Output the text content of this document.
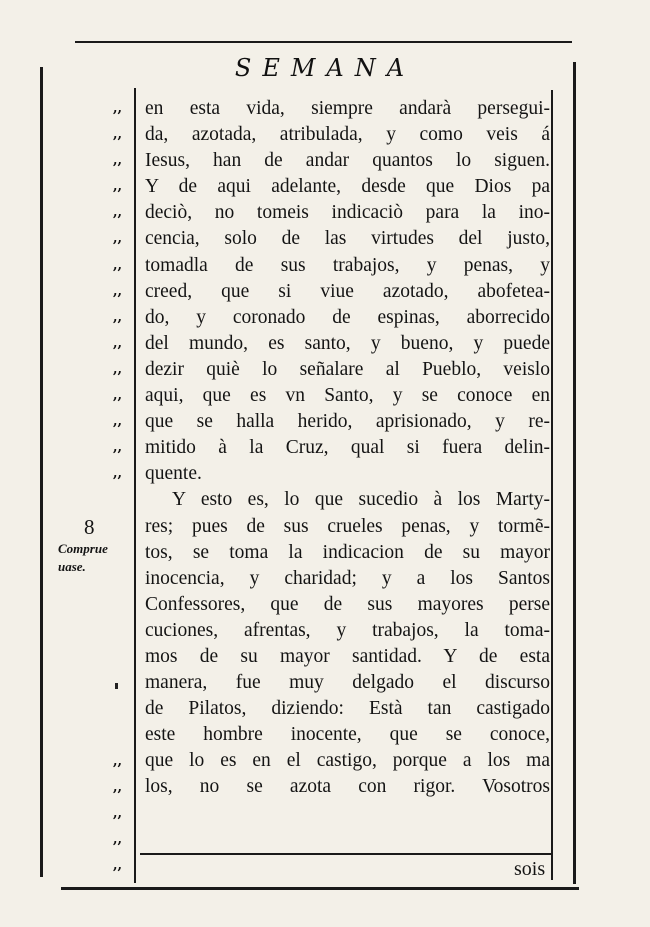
SEMANA
,,
,,
,,
,,
,,
,,
,,
,,
,,
,,
,,
,,
,,
,,
,,
,,
,,
,,
,,
,,
8
Comprue
uase.
en esta vida, siempre andarà persegui-
da, azotada, atribulada, y como veis á
Iesus, han de andar quantos lo siguen.
Y de aqui adelante, desde que Dios pa
deciò, no tomeis indicaciò para la ino-
cencia, solo de las virtudes del justo,
tomadla de sus trabajos, y penas, y
creed, que si viue azotado, abofetea-
do, y coronado de espinas, aborrecido
del mundo, es santo, y bueno, y puede
dezir quiè lo señalare al Pueblo, veislo
aqui, que es vn Santo, y se conoce en
que se halla herido, aprisionado, y re-
mitido à la Cruz, qual si fuera delin-
quente.
Y esto es, lo que sucedio à los Marty-
res; pues de sus crueles penas, y tormẽ-
tos, se toma la indicacion de su mayor
inocencia, y charidad; y a los Santos
Confessores, que de sus mayores perse
cuciones, afrentas, y trabajos, la toma-
mos de su mayor santidad. Y de esta
manera, fue muy delgado el discurso
de Pilatos, diziendo: Està tan castigado
este hombre inocente, que se conoce,
que lo es en el castigo, porque a los ma
los, no se azota con rigor. Vosotros
sois
